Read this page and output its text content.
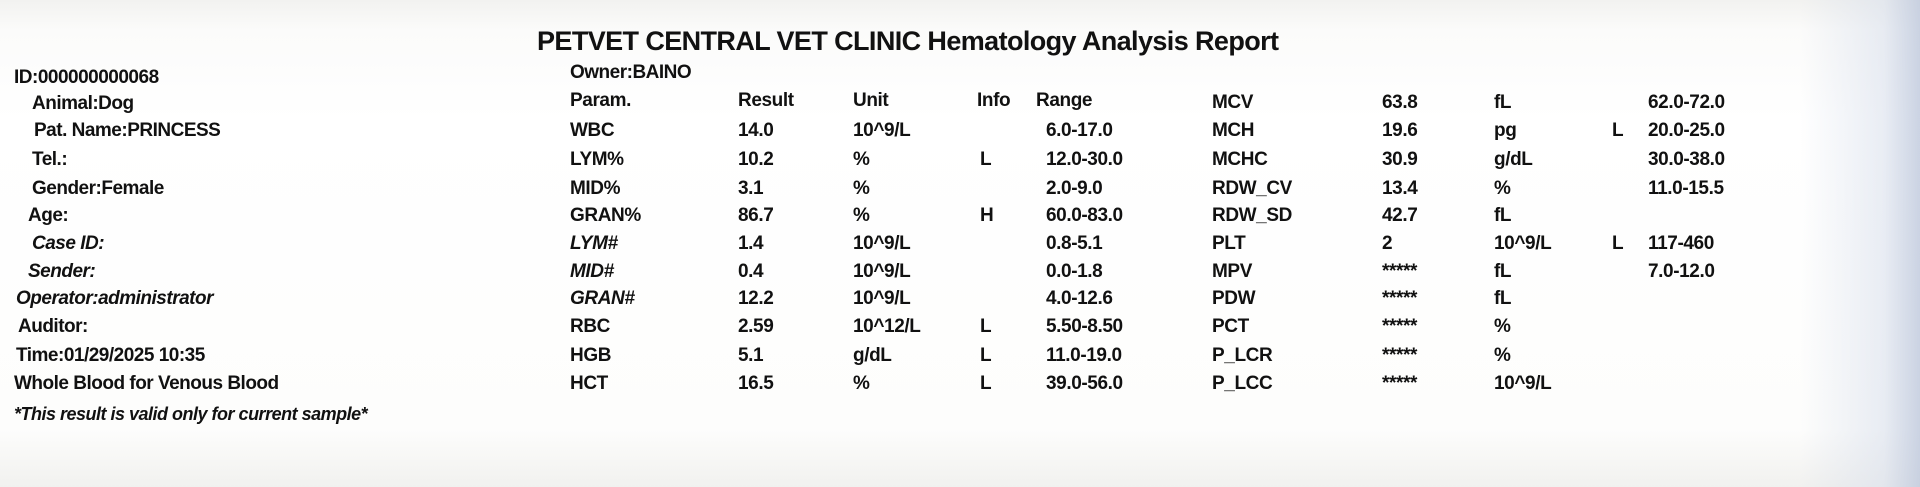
PETVET CENTRAL VET CLINIC Hematology Analysis Report
Owner:BAINO
ID:000000000068
Animal:Dog
Pat. Name:PRINCESS
Tel.:
Gender:Female
Age:
Case ID:
Sender:
Operator:administrator
Auditor:
Time:01/29/2025 10:35
Whole Blood for Venous Blood
*This result is valid only for current sample*
Param.	Result	Unit	Info Range
WBC	14.0	10^9/L	6.0-17.0
LYM%	10.2	%	L	12.0-30.0
MID%	3.1	%	2.0-9.0
GRAN%	86.7	%	H	60.0-83.0
LYM#	1.4	10^9/L	0.8-5.1
MID#	0.4	10^9/L	0.0-1.8
GRAN#	12.2	10^9/L	4.0-12.6
RBC	2.59	10^12/L	L	5.50-8.50
HGB	5.1	g/dL	L	11.0-19.0
HCT	16.5	%	L	39.0-56.0
MCV	63.8	fL	62.0-72.0
MCH	19.6	pg	L 20.0-25.0
MCHC	30.9	g/dL	30.0-38.0
RDW_CV	13.4	%	11.0-15.5
RDW_SD	42.7	fL
PLT	2	10^9/L	L 117-460
MPV	*****	fL	7.0-12.0
PDW	*****	fL
PCT	*****	%
P_LCR	*****	%
P_LCC	*****	10^9/L
